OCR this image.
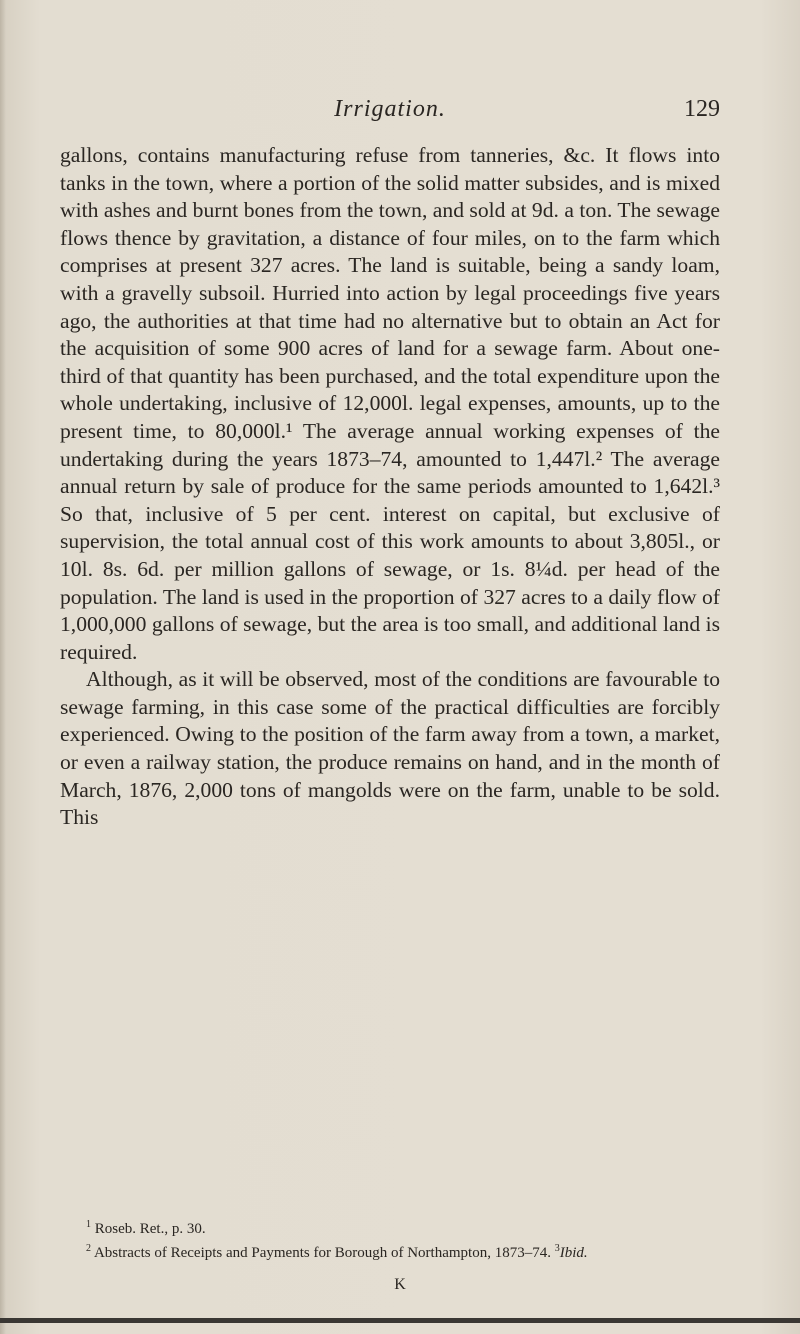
Irrigation.	129

gallons, contains manufacturing refuse from tanneries, &c. It flows into tanks in the town, where a portion of the solid matter subsides, and is mixed with ashes and burnt bones from the town, and sold at 9d. a ton. The sewage flows thence by gravitation, a distance of four miles, on to the farm which comprises at present 327 acres. The land is suitable, being a sandy loam, with a gravelly subsoil. Hurried into action by legal proceedings five years ago, the authorities at that time had no alternative but to obtain an Act for the acquisition of some 900 acres of land for a sewage farm. About one-third of that quantity has been purchased, and the total expenditure upon the whole undertaking, inclusive of 12,000l. legal expenses, amounts, up to the present time, to 80,000l.¹ The average annual working expenses of the undertaking during the years 1873–74, amounted to 1,447l.² The average annual return by sale of produce for the same periods amounted to 1,642l.³ So that, inclusive of 5 per cent. interest on capital, but exclusive of supervision, the total annual cost of this work amounts to about 3,805l., or 10l. 8s. 6d. per million gallons of sewage, or 1s. 8¼d. per head of the population. The land is used in the proportion of 327 acres to a daily flow of 1,000,000 gallons of sewage, but the area is too small, and additional land is required.

Although, as it will be observed, most of the conditions are favourable to sewage farming, in this case some of the practical difficulties are forcibly experienced. Owing to the position of the farm away from a town, a market, or even a railway station, the produce remains on hand, and in the month of March, 1876, 2,000 tons of mangolds were on the farm, unable to be sold. This

$^1$ Roseb. Ret., p. 30.

$^2$ Abstracts of Receipts and Payments for Borough of Northampton, 1873–74. $^3$Ibid.

K
